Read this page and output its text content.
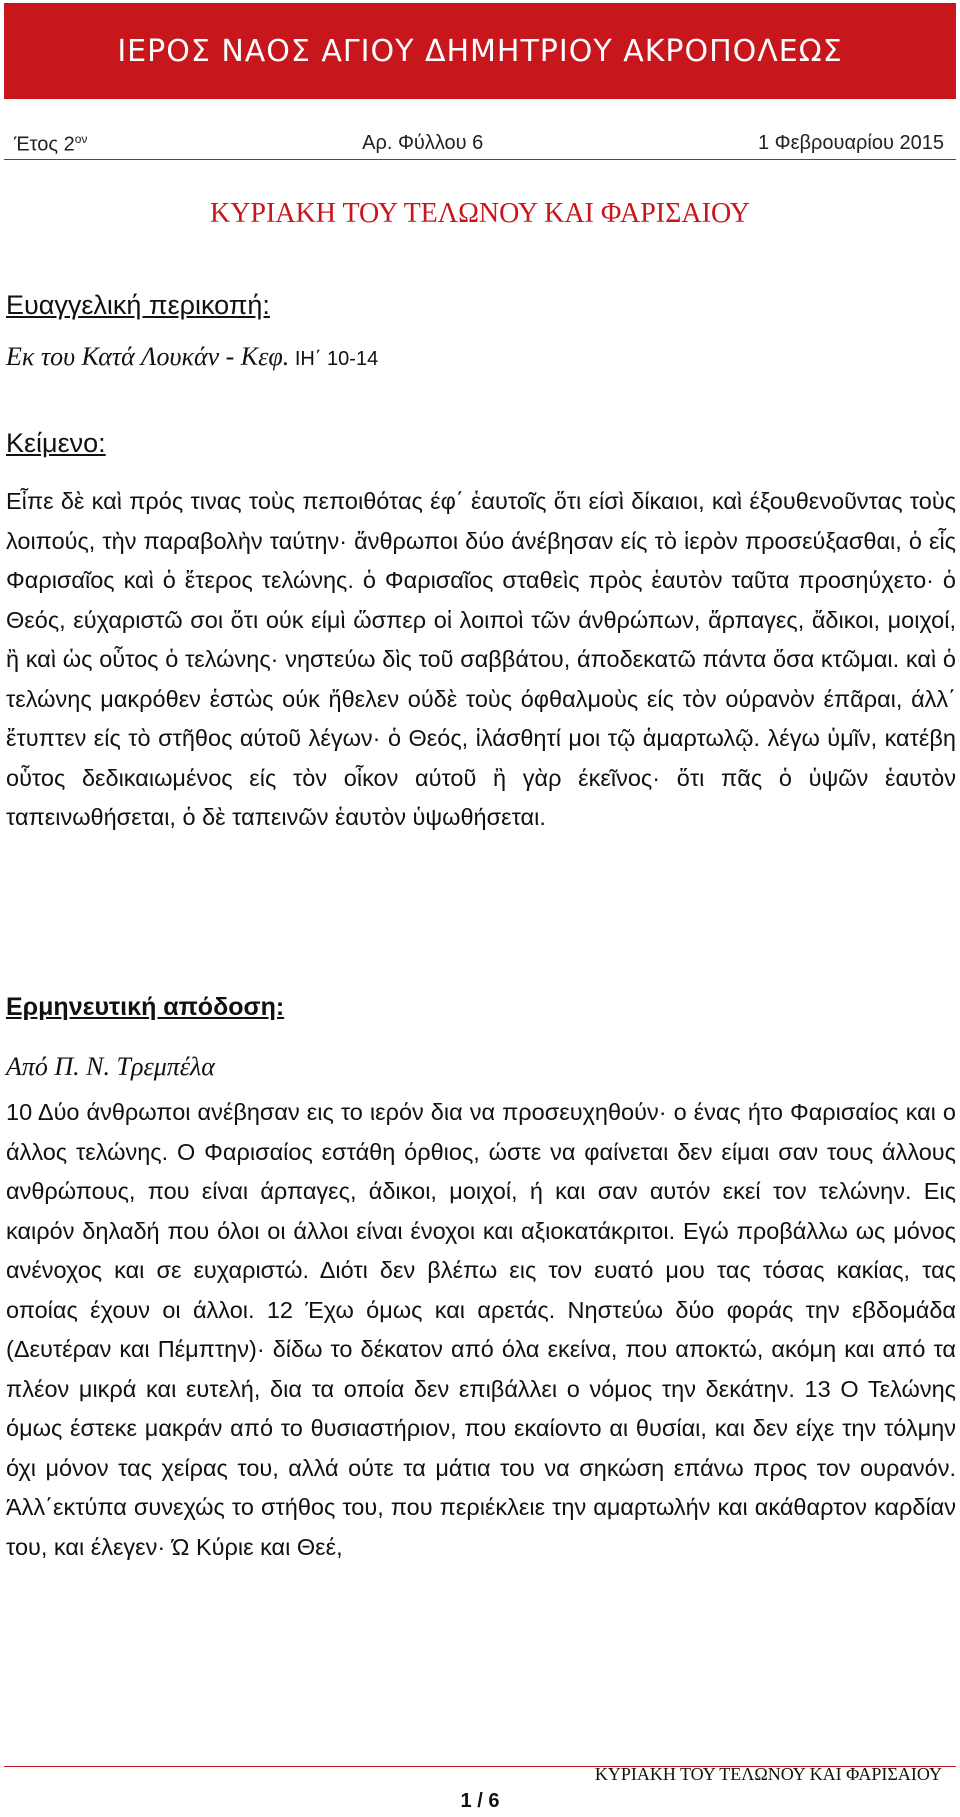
ΙΕΡΟΣ ΝΑΟΣ ΑΓΙΟΥ ΔΗΜΗΤΡΙΟΥ ΑΚΡΟΠΟΛΕΩΣ
Έτος $2^{o\nu}$	Αρ. Φύλλου 6	1 Φεβρουαρίου 2015
ΚΥΡΙΑΚΗ ΤΟΥ ΤΕΛΩΝΟΥ ΚΑΙ ΦΑΡΙΣΑΙΟΥ
Ευαγγελική περικοπή:
Εκ του Κατά Λουκάν - Κεφ. ΙΗ΄ 10-14
Κείμενο:
Εἶπε δὲ καὶ πρός τινας τοὺς πεποιθότας έφ΄ ἑαυτοῖς ὅτι είσὶ δίκαιοι, καὶ έξουθενοῦντας τοὺς λοιπούς, τὴν παραβολὴν ταύτην· ἄνθρωποι δύο άνέβησαν είς τὸ ἱερὸν προσεύξασθαι, ὁ εἷς Φαρισαῖος καὶ ὁ ἕτερος τελώνης. ὁ Φαρισαῖος σταθεὶς πρὸς ἑαυτὸν ταῦτα προσηύχετο· ὁ Θεός, εύχαριστῶ σοι ὅτι ούκ είμὶ ὥσπερ οἱ λοιποὶ τῶν άνθρώπων, ἅρπαγες, ἄδικοι, μοιχοί, ἢ καὶ ὡς οὗτος ὁ τελώνης· νηστεύω δὶς τοῦ σαββάτου, άποδεκατῶ πάντα ὅσα κτῶμαι. καὶ ὁ τελώνης μακρόθεν ἑστὼς ούκ ἤθελεν ούδὲ τοὺς όφθαλμοὺς είς τὸν ούρανὸν έπᾶραι, άλλ΄ ἔτυπτεν είς τὸ στῆθος αύτοῦ λέγων· ὁ Θεός, ἱλάσθητί μοι τῷ ἁμαρτωλῷ. λέγω ὑμῖν, κατέβη οὗτος δεδικαιωμένος είς τὸν οἶκον αύτοῦ ἢ γὰρ έκεῖνος· ὅτι πᾶς ὁ ὑψῶν ἑαυτὸν ταπεινωθήσεται, ὁ δὲ ταπεινῶν ἑαυτὸν ὑψωθήσεται.
Ερμηνευτική απόδοση:
Από Π. Ν. Τρεμπέλα
10 Δύο άνθρωποι ανέβησαν εις το ιερόν δια να προσευχηθούν· ο ένας ήτο Φαρισαίος και ο άλλος τελώνης. Ο Φαρισαίος εστάθη όρθιος, ώστε να φαίνεται δεν είμαι σαν τους άλλους ανθρώπους, που είναι άρπαγες, άδικοι, μοιχοί, ή και σαν αυτόν εκεί τον τελώνην. Εις καιρόν δηλαδή που όλοι οι άλλοι είναι ένοχοι και αξιοκατάκριτοι. Εγώ προβάλλω ως μόνος ανένοχος και σε ευχαριστώ. Διότι δεν βλέπω εις τον ευατό μου τας τόσας κακίας, τας οποίας έχουν οι άλλοι. 12 Έχω όμως και αρετάς. Νηστεύω δύο φοράς την εβδομάδα (Δευτέραν και Πέμπτην)· δίδω το δέκατον από όλα εκείνα, που αποκτώ, ακόμη και από τα πλέον μικρά και ευτελή, δια τα οποία δεν επιβάλλει ο νόμος την δεκάτην. 13 Ο Τελώνης όμως έστεκε μακράν από το θυσιαστήριον, που εκαίοντο αι θυσίαι, και δεν είχε την τόλμην όχι μόνον τας χείρας του, αλλά ούτε τα μάτια του να σηκώση επάνω προς τον ουρανόν. Άλλ΄εκτύπα συνεχώς το στήθος του, που περιέκλειε την αμαρτωλήν και ακάθαρτον καρδίαν του, και έλεγεν· Ώ Κύριε και Θεέ,
ΚΥΡΙΑΚΗ ΤΟΥ ΤΕΛΩΝΟΥ ΚΑΙ ΦΑΡΙΣΑΙΟΥ
1 / 6
